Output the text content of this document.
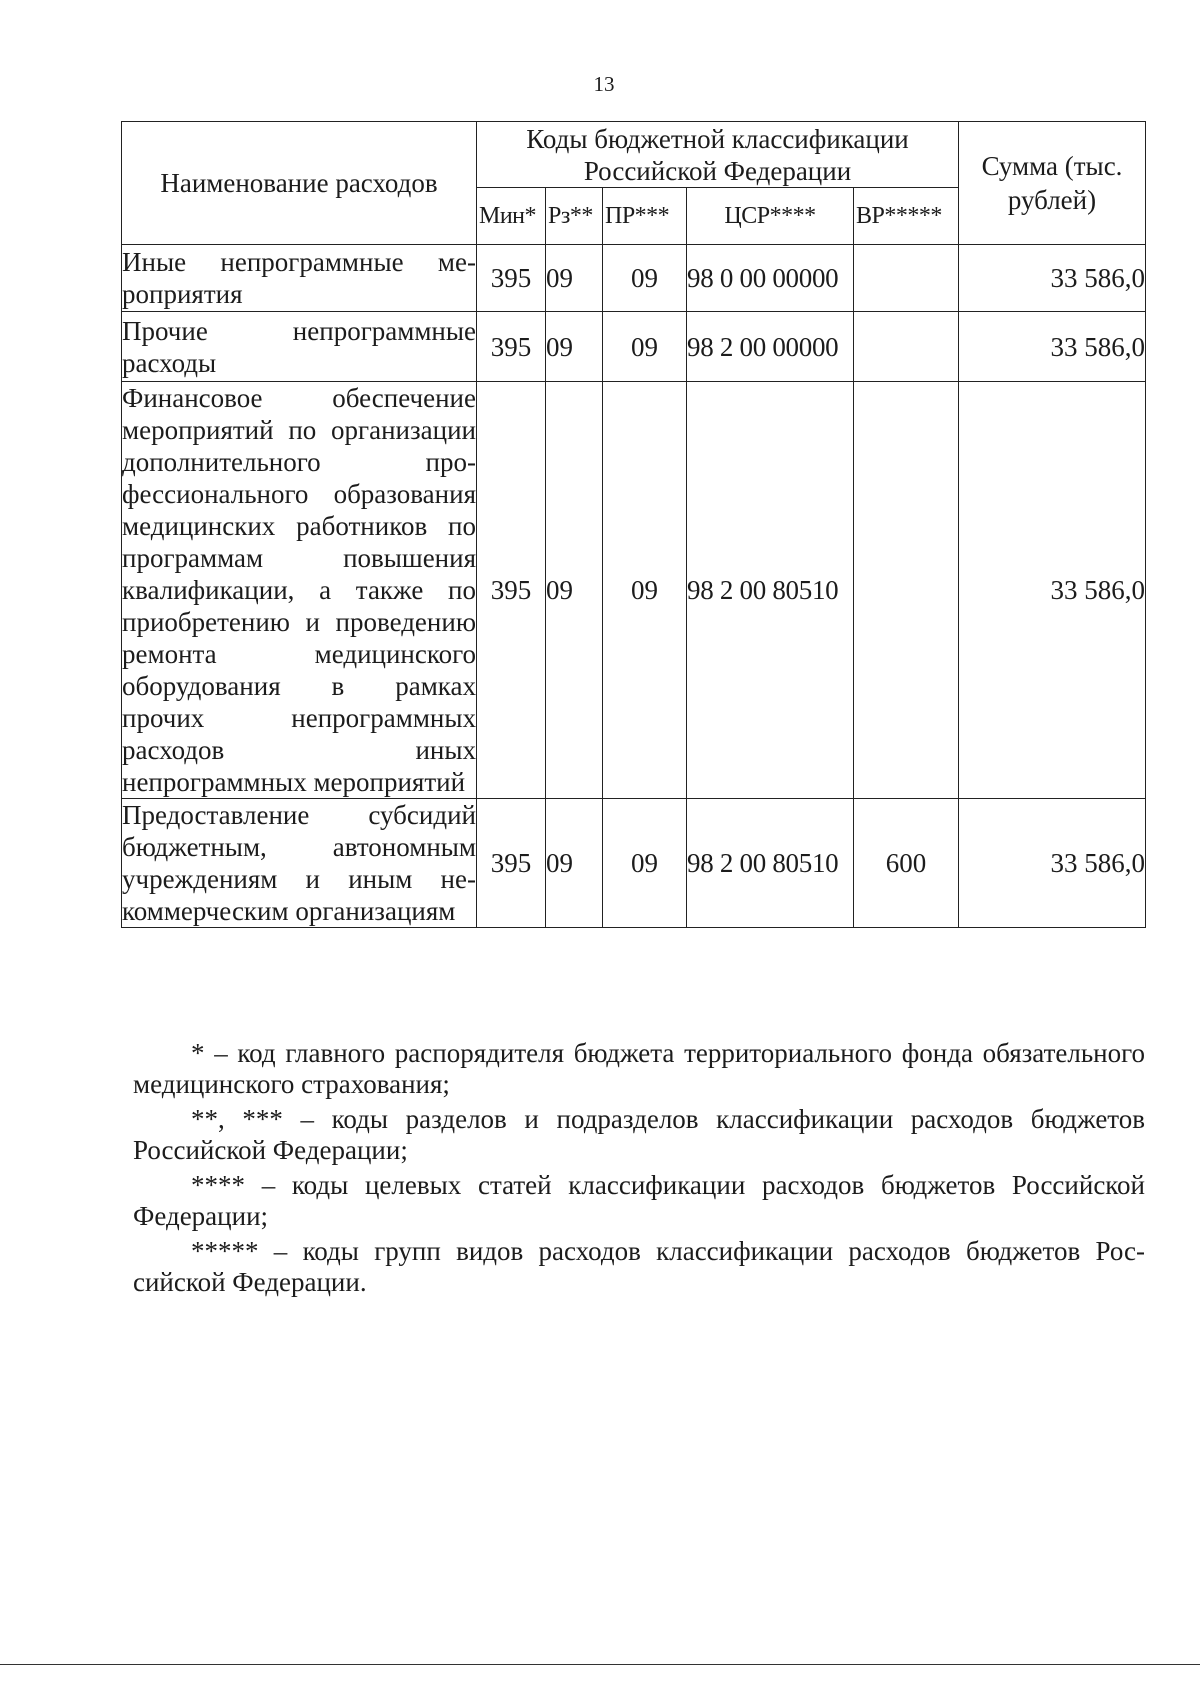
13
Наименование расходов	Коды бюджетной классификации Российской Федерации					Сумма (тыс. рублей)
	Мин*	Рз**	ПР***	ЦСР****	ВР*****	
Иные непрограммные мероприятия	395	09	09	98 0 00 00000		33 586,0
Прочие непрограммные расходы	395	09	09	98 2 00 00000		33 586,0
Финансовое обеспечение мероприятий по организации дополнительного профессионального образования медицинских работников по программам повышения квалификации, а также по приобретению и проведению ремонта медицинского оборудования в рамках прочих непрограммных расходов иных непрограммных мероприятий	395	09	09	98 2 00 80510		33 586,0
Предоставление субсидий бюджетным, автономным учреждениям и иным некоммерческим организациям	395	09	09	98 2 00 80510	600	33 586,0

* – код главного распорядителя бюджета территориального фонда обязательного медицинского страхования;

**, *** – коды разделов и подразделов классификации расходов бюджетов Российской Федерации;

**** – коды целевых статей классификации расходов бюджетов Российской Федерации;

***** – коды групп видов расходов классификации расходов бюджетов Российской Федерации.
